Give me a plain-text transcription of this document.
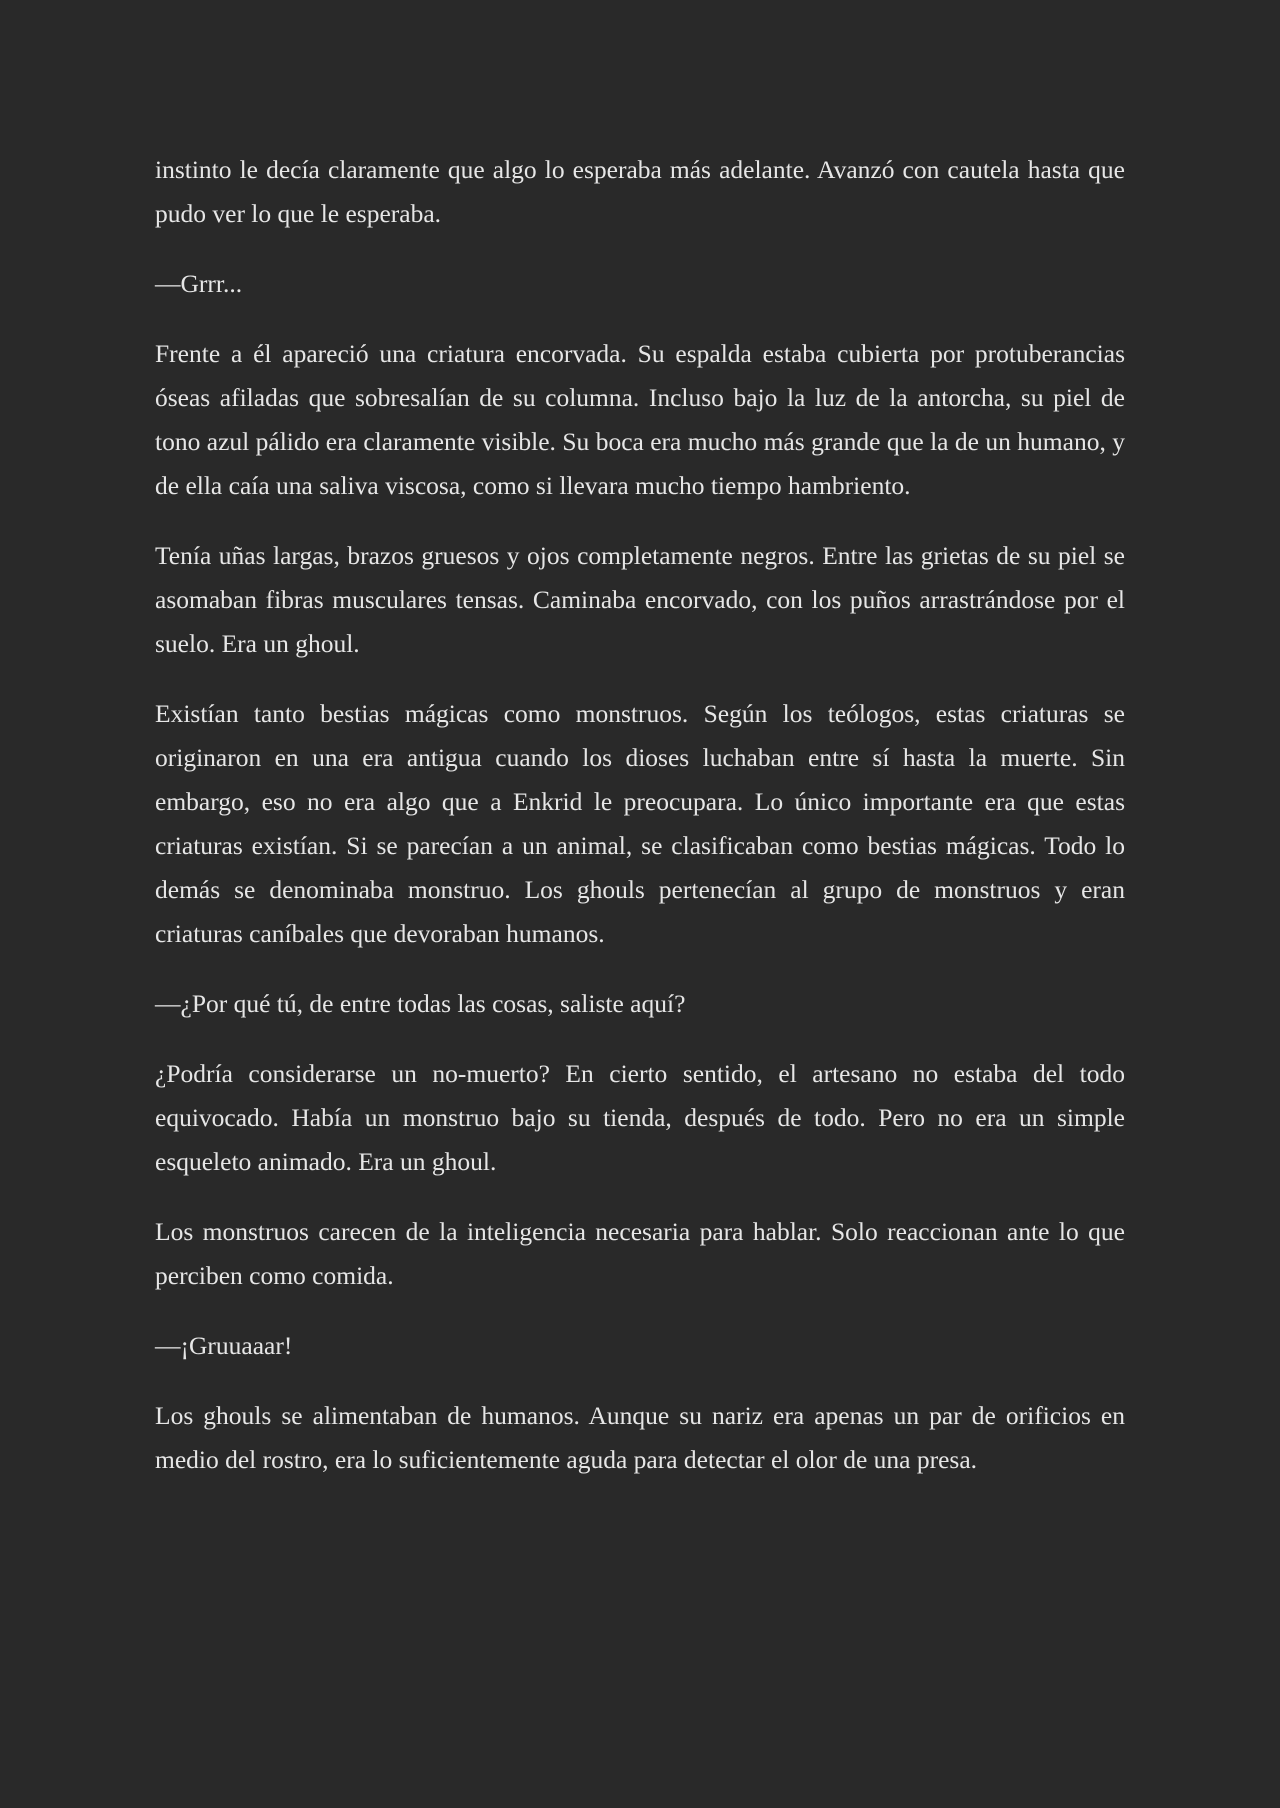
instinto le decía claramente que algo lo esperaba más adelante. Avanzó con cautela hasta que pudo ver lo que le esperaba.

—Grrr...

Frente a él apareció una criatura encorvada. Su espalda estaba cubierta por protuberancias óseas afiladas que sobresalían de su columna. Incluso bajo la luz de la antorcha, su piel de tono azul pálido era claramente visible. Su boca era mucho más grande que la de un humano, y de ella caía una saliva viscosa, como si llevara mucho tiempo hambriento.

Tenía uñas largas, brazos gruesos y ojos completamente negros. Entre las grietas de su piel se asomaban fibras musculares tensas. Caminaba encorvado, con los puños arrastrándose por el suelo. Era un ghoul.

Existían tanto bestias mágicas como monstruos. Según los teólogos, estas criaturas se originaron en una era antigua cuando los dioses luchaban entre sí hasta la muerte. Sin embargo, eso no era algo que a Enkrid le preocupara. Lo único importante era que estas criaturas existían. Si se parecían a un animal, se clasificaban como bestias mágicas. Todo lo demás se denominaba monstruo. Los ghouls pertenecían al grupo de monstruos y eran criaturas caníbales que devoraban humanos.

—¿Por qué tú, de entre todas las cosas, saliste aquí?

¿Podría considerarse un no-muerto? En cierto sentido, el artesano no estaba del todo equivocado. Había un monstruo bajo su tienda, después de todo. Pero no era un simple esqueleto animado. Era un ghoul.

Los monstruos carecen de la inteligencia necesaria para hablar. Solo reaccionan ante lo que perciben como comida.

—¡Gruuaaar!

Los ghouls se alimentaban de humanos. Aunque su nariz era apenas un par de orificios en medio del rostro, era lo suficientemente aguda para detectar el olor de una presa.
